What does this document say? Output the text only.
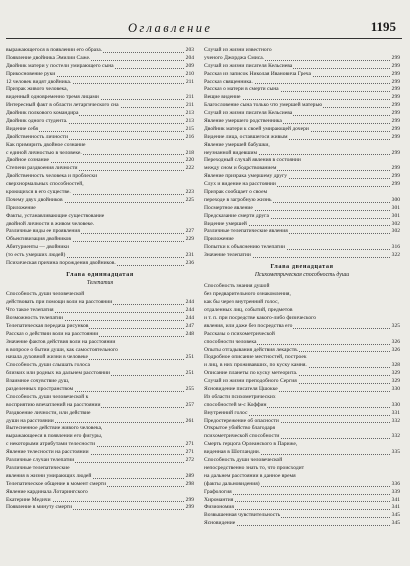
Оглавление	1195
выражающегося в появлении его образа.	203
Появление двойника Эмилии Саже.	204
Двойник матери у постели умирающего сына	209
Прикосновение руки	210
12 человек видят двойника.	211
Призрак живого человека,
виденный одновременно тремя лицами	211
Интересный факт в области летаргического сна	211
Двойник полкового командира	213
Двойник одного студента.	213
Видение себя	215
Двойственность личности	216
Как примирить двойное сознание
с единой личностью в человеке.	218
Двойное сознание	220
Степени раздвоения личности	222
Двойственность человека и проблески
сверхнормальных способностей,
кроющихся в его существе.	223
Почему двух двойников	225
Приложение
Факты, устанавливающие существование
двойной личности в живом человеке.
Различные виды ее проявления	227
Объективизация двойников	229
Абитуриенты — двойники
(то есть умерших людей)	231
Психическая причина порождения двойников.	236
Глава одиннадцатая
Телепатия
Способность души человеческой
действовать при помощи воли на расстоянии	244
Что такое телепатия	244
Возможность телепатии	244
Телепатическая передача рисунков	247
Рассказ о действии воли на расстоянии	248
Значение фактов действия воли на расстоянии
в вопросе о бытии души, как самостоятельного
начала духовной жизни в человеке	251
Способность души слышать голоса
близких или родных на дальнем расстоянии	251
Взаимное сочувствие душ,
разделенных пространством	255
Способность души человеческой к
восприятию впечатлений на расстоянии	257
Раздвоение личности, или действие
души на расстоянии	261
Вытесненное действие живого человека,
выражающееся в появлении его фигуры,
с некоторыми атрибутами телесности	271
Явление телесности на расстоянии	271
Различные случаи телепатии	272
Различные телепатические
явления в жизни умирающих людей	289
Телепатическое общение в момент смерти	298
Явление кардинала Лотарингского
Екатерине Медичи	299
Появление в минуту смерти	299
Случай из жизни известного
ученого Джорджа Смиса.	299
Случай из жизни писателя Кельсиева	299
Рассказ из записок Николая Ивановича Греча	299
Рассказ священника.	299
Рассказ о матери в смерти сына	299
Вещие видение	299
Благословение сына только что умершей матерью	299
Случай из жизни писателя Кельсиева	299
Явление умершего родственника	299
Двойник матери к своей умирающей дочери	299
Видение лица, оставшегося живым	299
Явление умершей бабушки,
неузнанной видевшим	299
Переходный случай явления в состоянии
между сном и бодрствованием	299
Явление призрака умершему другу	299
Слух и видение на расстоянии	299
Призрак сообщает о своем
переходе в загробную жизнь	300
Посмертное явление	301
Предсказание смерти друга	301
Видение умершей	302
Различные телепатические явления	302
Приложение
Попытки к объяснению телепатии	316
Значение телепатии	322
Глава двенадцатая
Психометрическая способность души
Способность знания душой
без предварительного ознакомления,
как бы через внутренний голос,
отдаленных лиц, событий, предметов
и т. п. при посредстве какого-либо физического
явления, или даже без посредства его	325
Рассказы о психометрической
способности человека	326
Опыты отгадывания действия лекарств.	326
Подробное описание местностей, построек
и лиц, в них проживавших, по куску камня.	328
Описание планеты по куску метеорита.	329
Случай из жизни преподобного Сергия	329
Ясновидение писателя Цшокке	330
Из области психометрических
способностей м-с Коффин	330
Внутренний голос	331
Предостережение об опасности	332
Открытое убийство благодаря
психометрической способности	332
Смерть герцога Орлеанского в Париже,
виденная в Шотландии.	335
Способность души человеческой
непосредственно знать то, что происходит
на дальнем расстоянии в данное время
(факты дальновидения)	336
Графология	339
Хиромантия	341
Физиономия	341
Возвышенная чувствительность	345
Ясновидение	345
